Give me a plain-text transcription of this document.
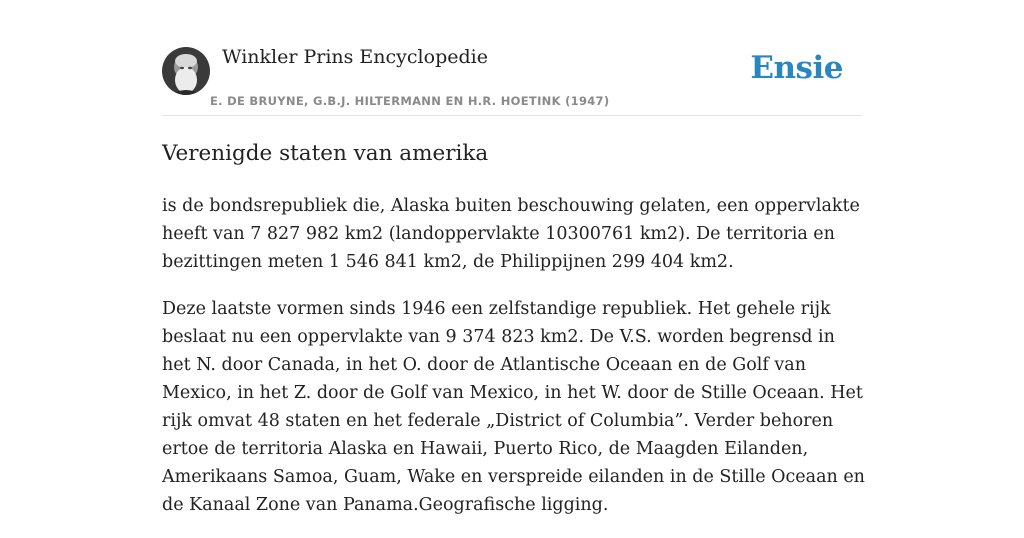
Winkler Prins Encyclopedie
E. DE BRUYNE, G.B.J. HILTERMANN EN H.R. HOETINK (1947)
Ensie
Verenigde staten van amerika

is de bondsrepubliek die, Alaska buiten beschouwing gelaten, een oppervlakte heeft van 7 827 982 km2 (landoppervlakte 10300761 km2). De territoria en bezittingen meten 1 546 841 km2, de Philippijnen 299 404 km2.

Deze laatste vormen sinds 1946 een zelfstandige republiek. Het gehele rijk beslaat nu een oppervlakte van 9 374 823 km2. De V.S. worden begrensd in het N. door Canada, in het O. door de Atlantische Oceaan en de Golf van Mexico, in het Z. door de Golf van Mexico, in het W. door de Stille Oceaan. Het rijk omvat 48 staten en het federale „District of Columbia”. Verder behoren ertoe de territoria Alaska en Hawaii, Puerto Rico, de Maagden Eilanden, Amerikaans Samoa, Guam, Wake en verspreide eilanden in de Stille Oceaan en de Kanaal Zone van Panama.Geografische ligging.
